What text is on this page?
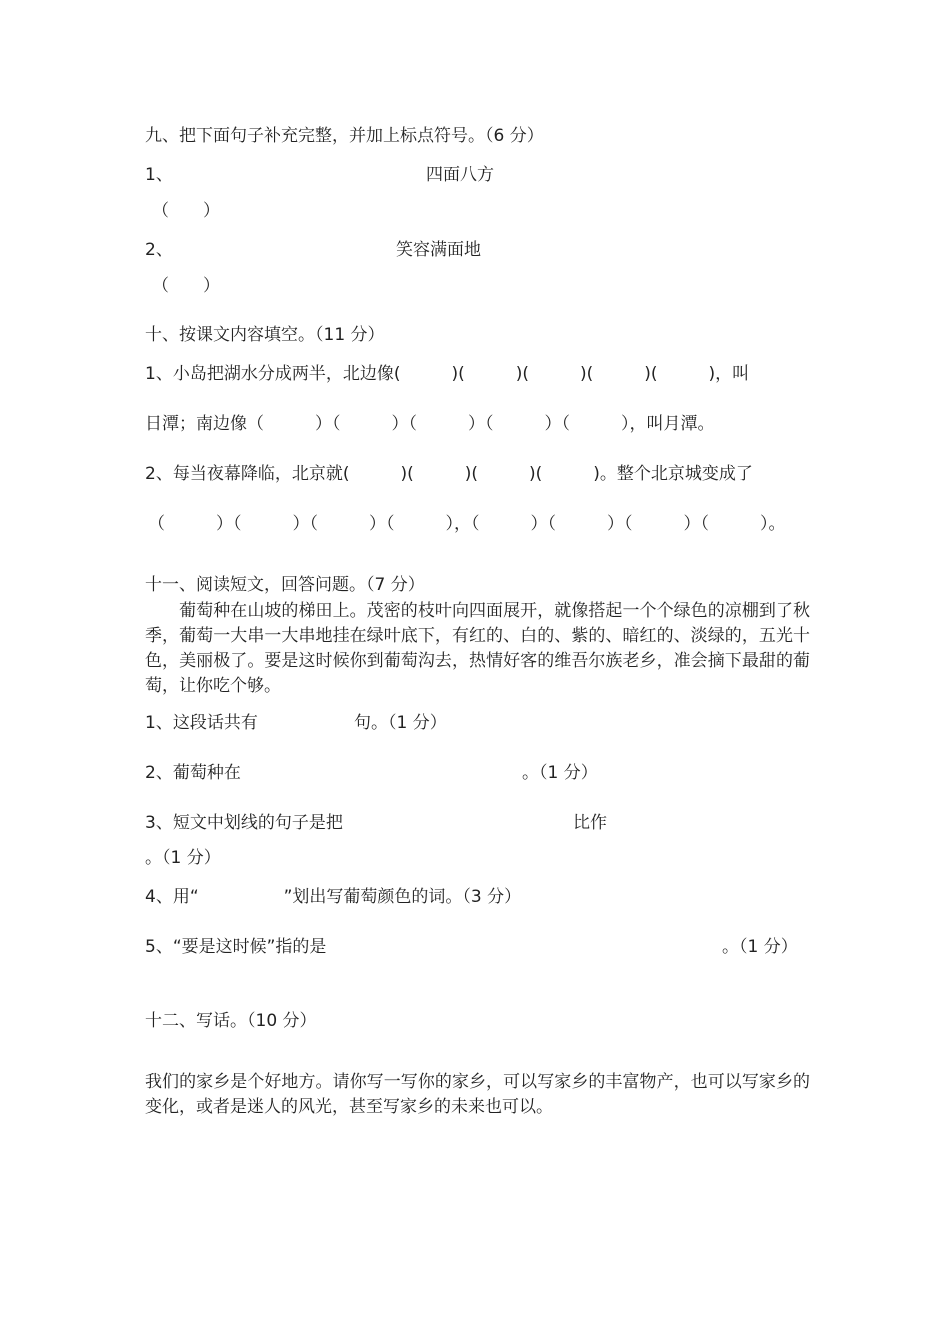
九、把下面句子补充完整，并加上标点符号。（6 分）
1、	四面八方
（　　）
2、	笑容满面地
（　　）
十、按课文内容填空。（11 分）
1、小岛把湖水分成两半，北边像(　　　)(　　　)(　　　)(　　　)(　　　)，叫
日潭；南边像（　　　）（　　　）（　　　）（　　　）（　　　），叫月潭。
2、每当夜幕降临，北京就(　　　)(　　　)(　　　)(　　　)。整个北京城变成了
（　　　）（　　　）（　　　）（　　　），（　　　）（　　　）（　　　）（　　　）。
十一、阅读短文，回答问题。（7 分）
　　葡萄种在山坡的梯田上。茂密的枝叶向四面展开，就像搭起一个个绿色的凉棚到了秋季，葡萄一大串一大串地挂在绿叶底下，有红的、白的、紫的、暗红的、淡绿的，五光十色，美丽极了。要是这时候你到葡萄沟去，热情好客的维吾尔族老乡，准会摘下最甜的葡萄，让你吃个够。
1、这段话共有	句。（1 分）
2、葡萄种在	。（1 分）
3、短文中划线的句子是把	比作
。（1 分）
4、用“　　　　　”划出写葡萄颜色的词。（3 分）
5、“要是这时候”指的是	。（1 分）
十二、写话。（10 分）
我们的家乡是个好地方。请你写一写你的家乡，可以写家乡的丰富物产，也可以写家乡的变化，或者是迷人的风光，甚至写家乡的未来也可以。
